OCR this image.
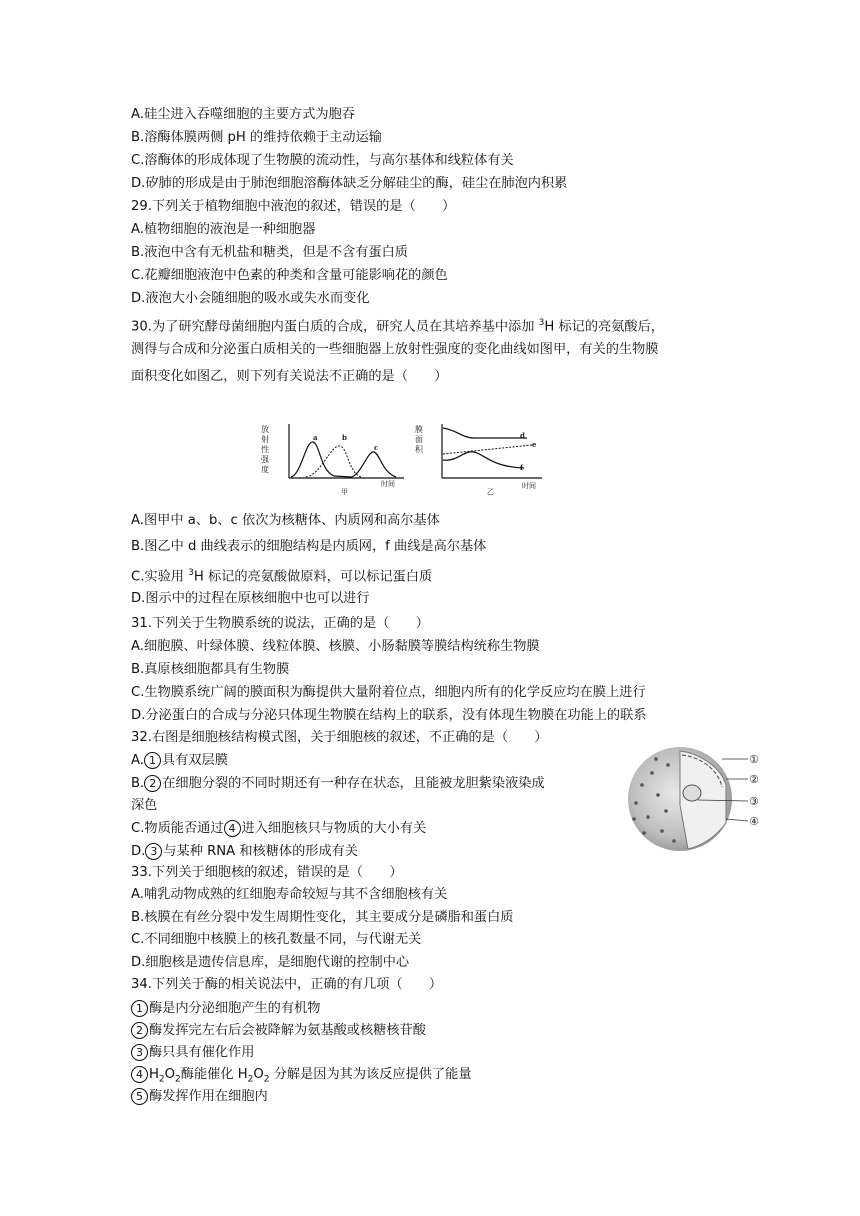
A.硅尘进入吞噬细胞的主要方式为胞吞
B.溶酶体膜两侧 pH 的维持依赖于主动运输
C.溶酶体的形成体现了生物膜的流动性，与高尔基体和线粒体有关
D.矽肺的形成是由于肺泡细胞溶酶体缺乏分解硅尘的酶，硅尘在肺泡内积累
29.下列关于植物细胞中液泡的叙述，错误的是（　　）
A.植物细胞的液泡是一种细胞器
B.液泡中含有无机盐和糖类，但是不含有蛋白质
C.花瓣细胞液泡中色素的种类和含量可能影响花的颜色
D.液泡大小会随细胞的吸水或失水而变化
30.为了研究酵母菌细胞内蛋白质的合成，研究人员在其培养基中添加 $^3$H 标记的亮氨酸后，
测得与合成和分泌蛋白质相关的一些细胞器上放射性强度的变化曲线如图甲，有关的生物膜
面积变化如图乙，则下列有关说法不正确的是（　　）
放
射
性
强
度
时间
甲
a	b
c
膜
面
积
时间
乙
d
e
f
A.图甲中 a、b、c 依次为核糖体、内质网和高尔基体
B.图乙中 d 曲线表示的细胞结构是内质网，f 曲线是高尔基体
C.实验用 $^3$H 标记的亮氨酸做原料，可以标记蛋白质
D.图示中的过程在原核细胞中也可以进行
31.下列关于生物膜系统的说法，正确的是（　　）
A.细胞膜、叶绿体膜、线粒体膜、核膜、小肠黏膜等膜结构统称生物膜
B.真原核细胞都具有生物膜
C.生物膜系统广阔的膜面积为酶提供大量附着位点，细胞内所有的化学反应均在膜上进行
D.分泌蛋白的合成与分泌只体现生物膜在结构上的联系，没有体现生物膜在功能上的联系
32.右图是细胞核结构模式图，关于细胞核的叙述，不正确的是（　　）
A. 1 具有双层膜
B. 2 在细胞分裂的不同时期还有一种存在状态，且能被龙胆紫染液染成
深色
C.物质能否通过 4 进入细胞核只与物质的大小有关
D. 3 与某种 RNA 和核糖体的形成有关
①
②
③
④
33.下列关于细胞核的叙述，错误的是（　　）
A.哺乳动物成熟的红细胞寿命较短与其不含细胞核有关
B.核膜在有丝分裂中发生周期性变化，其主要成分是磷脂和蛋白质
C.不同细胞中核膜上的核孔数量不同，与代谢无关
D.细胞核是遗传信息库，是细胞代谢的控制中心
34.下列关于酶的相关说法中，正确的有几项（　　）
1 酶是内分泌细胞产生的有机物
2 酶发挥完左右后会被降解为氨基酸或核糖核苷酸
3 酶只具有催化作用
4 $H_2O_2$酶能催化 $H_2O_2$ 分解是因为其为该反应提供了能量
5 酶发挥作用在细胞内
